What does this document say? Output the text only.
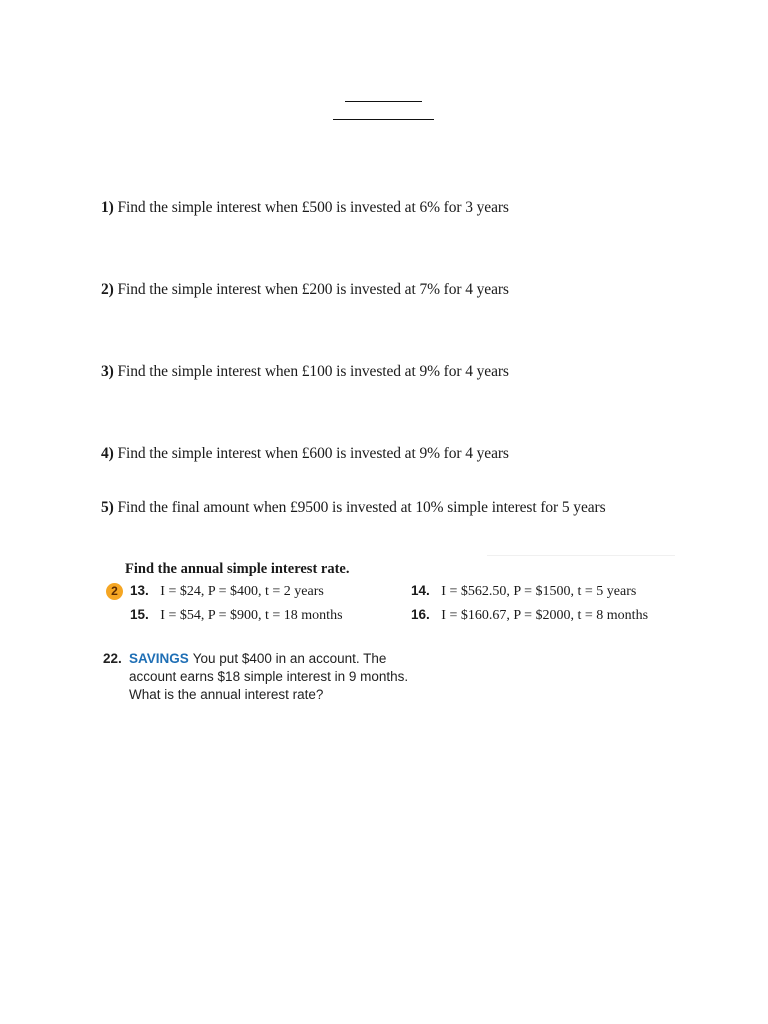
1) Find the simple interest when £500 is invested at 6% for 3 years
2) Find the simple interest when £200 is invested at 7% for 4 years
3) Find the simple interest when £100 is invested at 9% for 4 years
4) Find the simple interest when £600 is invested at 9% for 4 years
5) Find the final amount when £9500 is invested at 10% simple interest for 5 years
Find the annual simple interest rate.
2 13. I = $24, P = $400, t = 2 years	14. I = $562.50, P = $1500, t = 5 years
15. I = $54, P = $900, t = 18 months	16. I = $160.67, P = $2000, t = 8 months
22. SAVINGS You put $400 in an account. The
account earns $18 simple interest in 9 months.
What is the annual interest rate?
